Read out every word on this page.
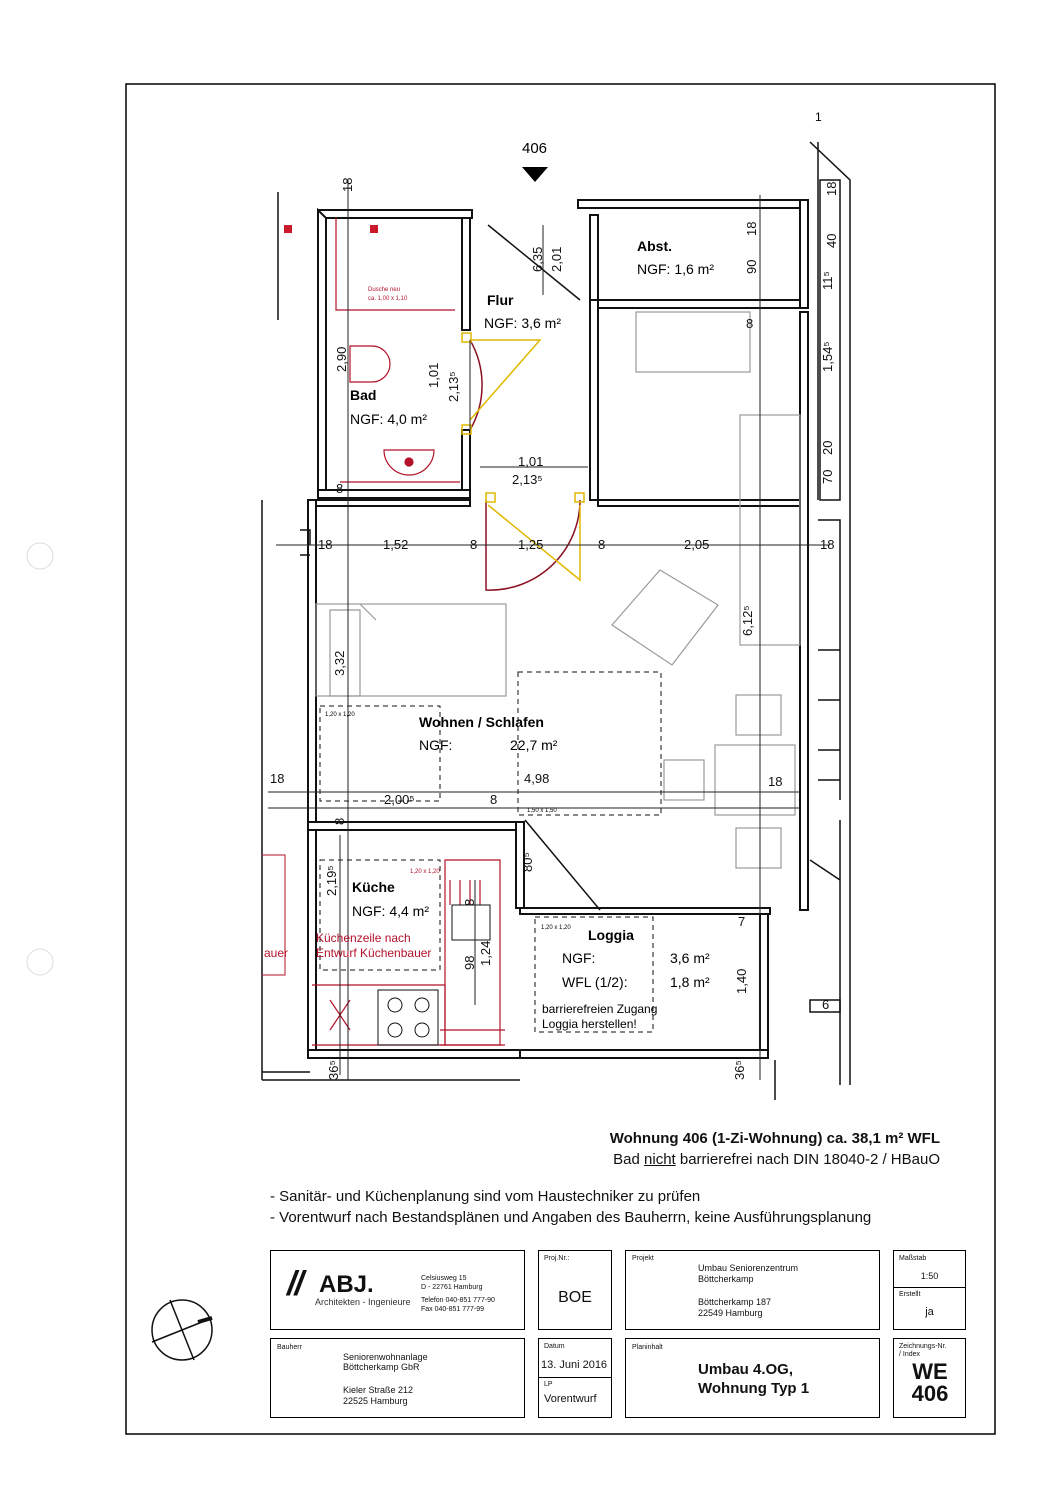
1
406
Dusche neu
ca. 1,00 x 1,10
Abst.
NGF: 1,6 m²
Flur
NGF: 3,6 m²
Bad
NGF: 4,0 m²
Wohnen / Schlafen
NGF:	22,7 m²
1,20 x 1,20
1,50 x 1,50
Küche
NGF: 4,4 m²
1,20 x 1,20
Küchenzeile nach
Entwurf Küchenbauer
auer
Loggia
NGF:	3,6 m²
WFL (1/2):	1,8 m²
barrierefreien Zugang
Loggia herstellen!
1,20 x 1,20
18
2,90
8
1,01 2,13⁵
1,01
2,13⁵
6,35 2,01
18
90
8
18
40
11⁵
1,54⁵
70
20
18	1,52	8	1,25	8	2,05	18
3,32
6,12⁵
18	4,98	18
2,00⁵	8
8
2,19⁵
80⁵
8
98 1,24
7
1,40
36⁵	36⁵
6
Wohnung 406 (1-Zi-Wohnung) ca. 38,1 m² WFL
Bad nicht barrierefrei nach DIN 18040-2 / HBauO
- Sanitär- und Küchenplanung sind vom Haustechniker zu prüfen
- Vorentwurf nach Bestandsplänen und Angaben des Bauherrn, keine Ausführungsplanung
// ABJ.
Architekten - Ingenieure
Celsiusweg 15
D - 22761 Hamburg
Telefon 040-851 777-90
Fax 040-851 777-99
Proj.Nr.:
BOE
Projekt
Umbau Seniorenzentrum
Böttcherkamp
Böttcherkamp 187
22549 Hamburg
Maßstab
1:50
Erstellt
ja
Bauherr
Seniorenwohnanlage
Böttcherkamp GbR
Kieler Straße 212
22525 Hamburg
Datum
13. Juni 2016
LP
Vorentwurf
Planinhalt
Umbau 4.OG,
Wohnung Typ 1
Zeichnungs-Nr.
/ Index
WE
406
